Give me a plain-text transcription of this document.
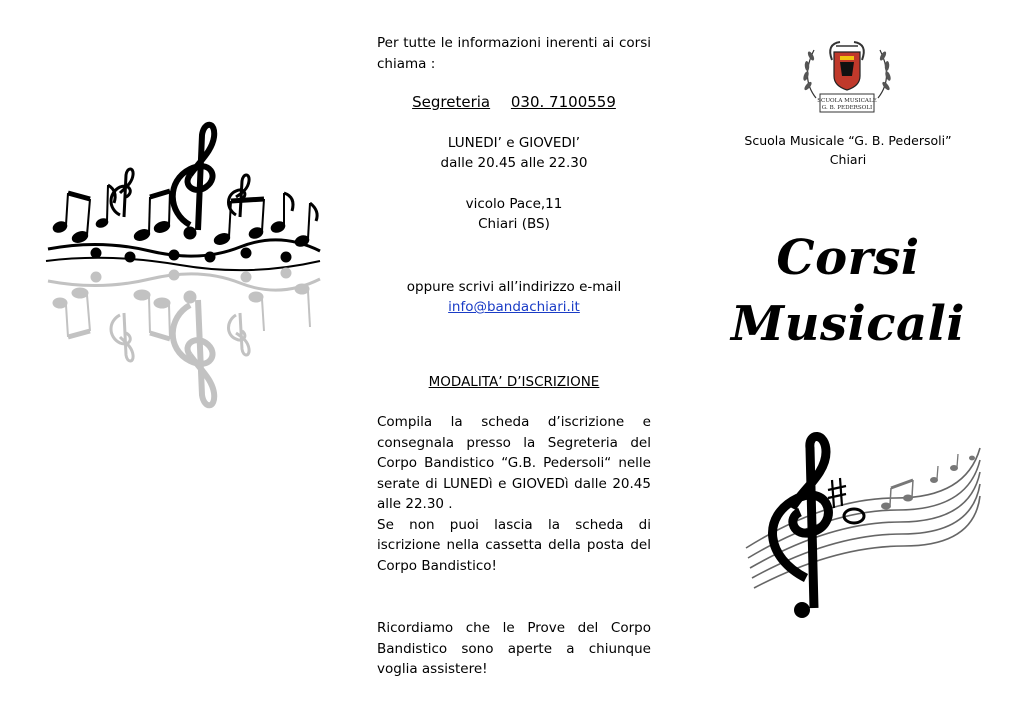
Per tutte le informazioni inerenti ai corsi chiama :
Segreteria 030. 7100559
LUNEDI’ e GIOVEDI’
dalle 20.45 alle 22.30
vicolo Pace,11
Chiari (BS)
oppure scrivi all’indirizzo e-mail
info@bandachiari.it
MODALITA’ D’ISCRIZIONE
Compila la scheda d’iscrizione e consegnala presso la Segreteria del Corpo Bandistico “G.B. Pedersoli“ nelle serate di LUNEDì e GIOVEDì dalle 20.45 alle 22.30 .
Se non puoi lascia la scheda di iscrizione nella cassetta della posta del Corpo Bandistico!
Ricordiamo che le Prove del Corpo Bandistico sono aperte a chiunque voglia assistere!
SCUOLA MUSICALE
G. B. PEDERSOLI
Scuola Musicale “G. B. Pedersoli”
Chiari
Corsi
Musicali
